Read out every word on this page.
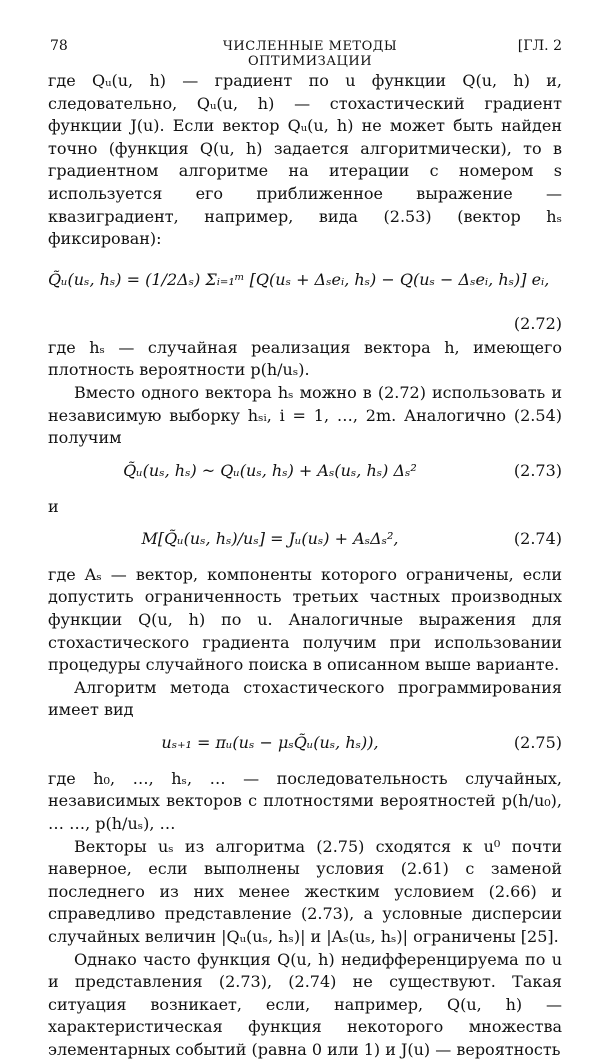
78	ЧИСЛЕННЫЕ МЕТОДЫ ОПТИМИЗАЦИИ
[ГЛ. 2

где Qᵤ(u, h) — градиент по u функции Q(u, h) и, следовательно, Qᵤ(u, h) — стохастический градиент функции J(u). Если вектор Qᵤ(u, h) не может быть найден точно (функция Q(u, h) задается алгоритмически), то в градиентном алгоритме на итерации с номером s используется его приближенное выражение — квазиградиент, например, вида (2.53) (вектор hₛ фиксирован):

Q̃ᵤ(uₛ, hₛ) = (1/2Δₛ) Σᵢ₌₁ᵐ [Q(uₛ + Δₛeᵢ, hₛ) − Q(uₛ − Δₛeᵢ, hₛ)] eᵢ,
(2.72)

где hₛ — случайная реализация вектора h, имеющего плотность вероятности p(h/uₛ).

Вместо одного вектора hₛ можно в (2.72) использовать и независимую выборку hₛᵢ, i = 1, …, 2m. Аналогично (2.54) получим

Q̃ᵤ(uₛ, hₛ) ~ Qᵤ(uₛ, hₛ) + Aₛ(uₛ, hₛ) Δₛ²	(2.73)

и

M[Q̃ᵤ(uₛ, hₛ)/uₛ] = Jᵤ(uₛ) + AₛΔₛ²,	(2.74)

где Aₛ — вектор, компоненты которого ограничены, если допустить ограниченность третьих частных производных функции Q(u, h) по u. Аналогичные выражения для стохастического градиента получим при использовании процедуры случайного поиска в описанном выше варианте.

Алгоритм метода стохастического программирования имеет вид

uₛ₊₁ = πᵤ(uₛ − μₛQ̃ᵤ(uₛ, hₛ)),	(2.75)

где h₀, …, hₛ, … — последовательность случайных, независимых векторов с плотностями вероятностей p(h/u₀), … …, p(h/uₛ), …

Векторы uₛ из алгоритма (2.75) сходятся к u⁰ почти наверное, если выполнены условия (2.61) с заменой последнего из них менее жестким условием (2.66) и справедливо представление (2.73), а условные дисперсии случайных величин |Qᵤ(uₛ, hₛ)| и |Aₛ(uₛ, hₛ)| ограничены [25].

Однако часто функция Q(u, h) недифференцируема по u и представления (2.73), (2.74) не существуют. Такая ситуация возникает, если, например, Q(u, h) — характеристическая функция некоторого множества элементарных событий (равна 0 или 1) и J(u) — вероятность
